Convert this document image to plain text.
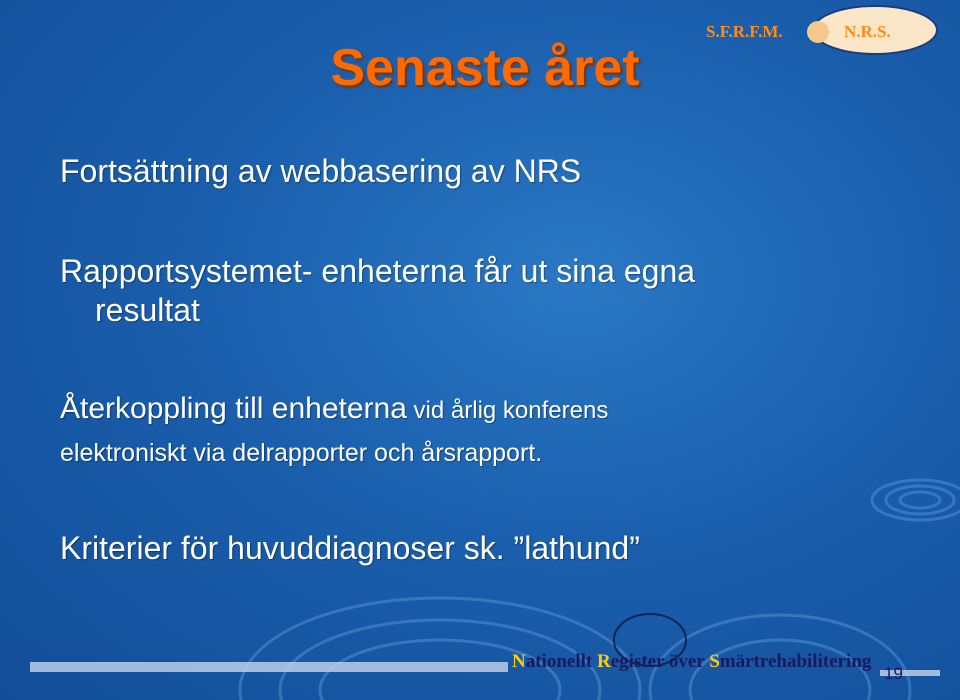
Senaste året
S.F.R.F.M.	N.R.S.
Fortsättning av webbasering av NRS
Rapportsystemet- enheterna får ut sina egna
resultat
Återkoppling till enheterna vid årlig konferens
elektroniskt via delrapporter och årsrapport.
Kriterier för huvuddiagnoser sk. ”lathund”
Nationellt Register över Smärtrehabilitering
19
